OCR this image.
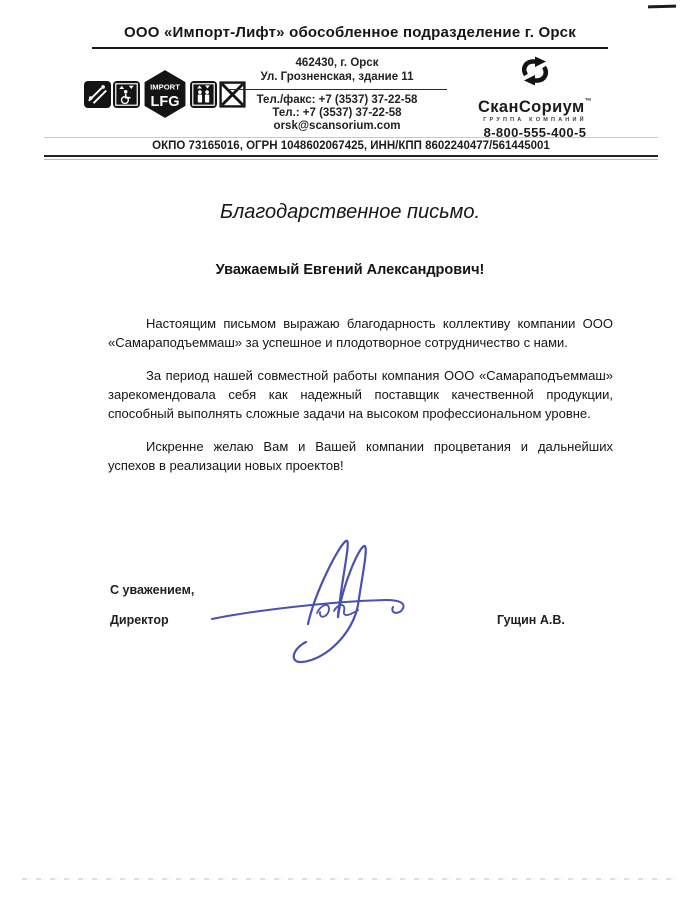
ООО «Импорт-Лифт» обособленное подразделение г. Орск
IMPORT
LFG
462430, г. Орск
Ул. Грозненская, здание 11
Тел./факс: +7 (3537) 37-22-58
Тел.: +7 (3537) 37-22-58
orsk@scansorium.com
СканСориум™
ГРУППА КОМПАНИЙ
8-800-555-400-5
ОКПО 73165016, ОГРН 1048602067425, ИНН/КПП 8602240477/561445001
Благодарственное письмо.
Уважаемый Евгений Александрович!

Настоящим письмом выражаю благодарность коллективу компании ООО «Самараподъеммаш» за успешное и плодотворное сотрудничество с нами.

За период нашей совместной работы компания ООО «Самараподъеммаш» зарекомендовала себя как надежный поставщик качественной продукции, способный выполнять сложные задачи на высоком профессиональном уровне.

Искренне желаю Вам и Вашей компании процветания и дальнейших успехов в реализации новых проектов!

С уважением,
Директор	Гущин А.В.
